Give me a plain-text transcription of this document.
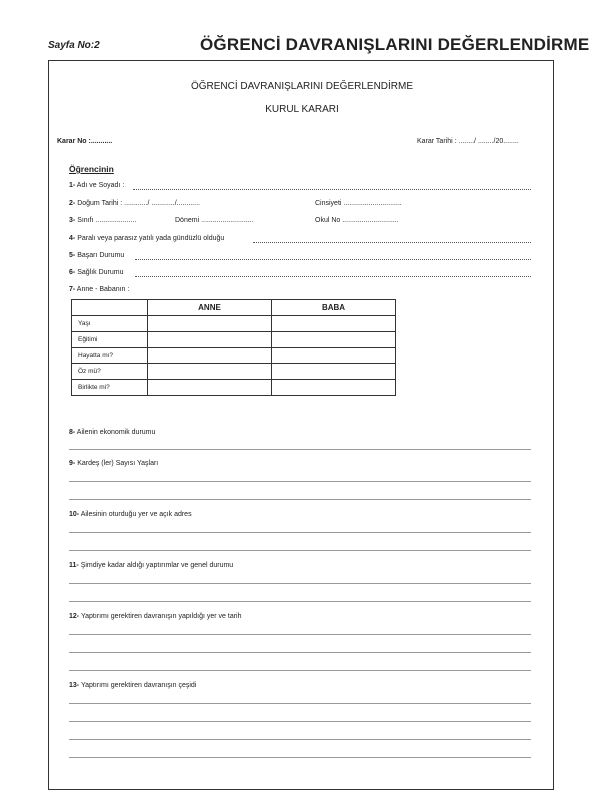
Sayfa No:2	ÖĞRENCİ DAVRANIŞLARINI DEĞERLENDİRME
ÖĞRENCİ DAVRANIŞLARINI DEĞERLENDİRME
KURUL KARARI
Karar No :...........	Karar Tarihi : ......../ ......../20........
Öğrencinin
1- Adı ve Soyadı :
2- Doğum Tarihi : ............/ ............/............	Cinsiyeti ..............................
3- Sınıfı .....................	Dönemi ...........................	Okul No .............................
4- Paralı veya parasız yatılı yada gündüzlü olduğu
5- Başarı Durumu
6- Sağlık Durumu
7- Anne - Babanın :
	ANNE	BABA
Yaşı		
Eğitimi		
Hayatta mı?		
Öz mü?		
Birlikte mi?		
8- Ailenin ekonomik durumu
9- Kardeş (ler) Sayısı Yaşları
10- Ailesinin oturduğu yer ve açık adres
11- Şimdiye kadar aldığı yaptırımlar ve genel durumu
12- Yaptırımı gerektiren davranışın yapıldığı yer ve tarih
13- Yaptırımı gerektiren davranışın çeşidi
